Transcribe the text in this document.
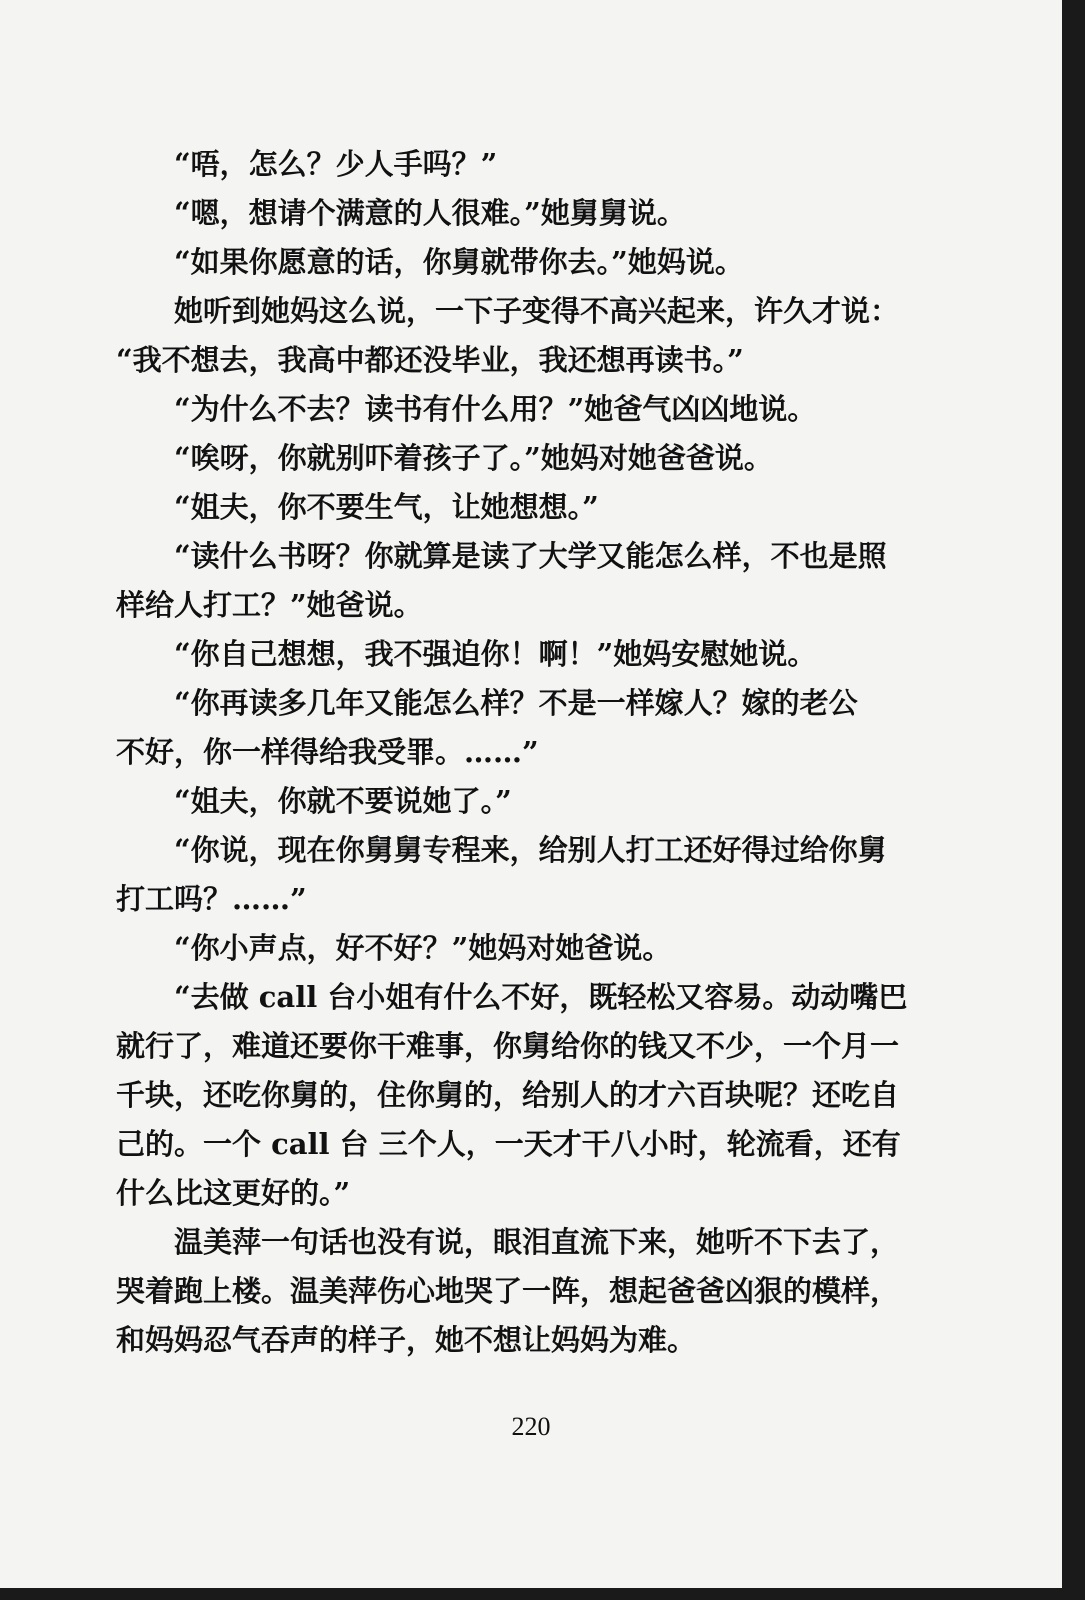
“唔，怎么？少人手吗？”
“嗯，想请个满意的人很难。”她舅舅说。
“如果你愿意的话，你舅就带你去。”她妈说。
她听到她妈这么说，一下子变得不高兴起来，许久才说：
“我不想去，我高中都还没毕业，我还想再读书。”
“为什么不去？读书有什么用？”她爸气凶凶地说。
“唉呀，你就别吓着孩子了。”她妈对她爸爸说。
“姐夫，你不要生气，让她想想。”
“读什么书呀？你就算是读了大学又能怎么样，不也是照
样给人打工？”她爸说。
“你自己想想，我不强迫你！啊！”她妈安慰她说。
“你再读多几年又能怎么样？不是一样嫁人？嫁的老公
不好，你一样得给我受罪。……”
“姐夫，你就不要说她了。”
“你说，现在你舅舅专程来，给别人打工还好得过给你舅
打工吗？……”
“你小声点，好不好？”她妈对她爸说。
“去做 call 台小姐有什么不好，既轻松又容易。动动嘴巴
就行了，难道还要你干难事，你舅给你的钱又不少，一个月一
千块，还吃你舅的，住你舅的，给别人的才六百块呢？还吃自
己的。一个 call 台 三个人，一天才干八小时，轮流看，还有
什么比这更好的。”
温美萍一句话也没有说，眼泪直流下来，她听不下去了，
哭着跑上楼。温美萍伤心地哭了一阵，想起爸爸凶狠的模样，
和妈妈忍气吞声的样子，她不想让妈妈为难。
220
